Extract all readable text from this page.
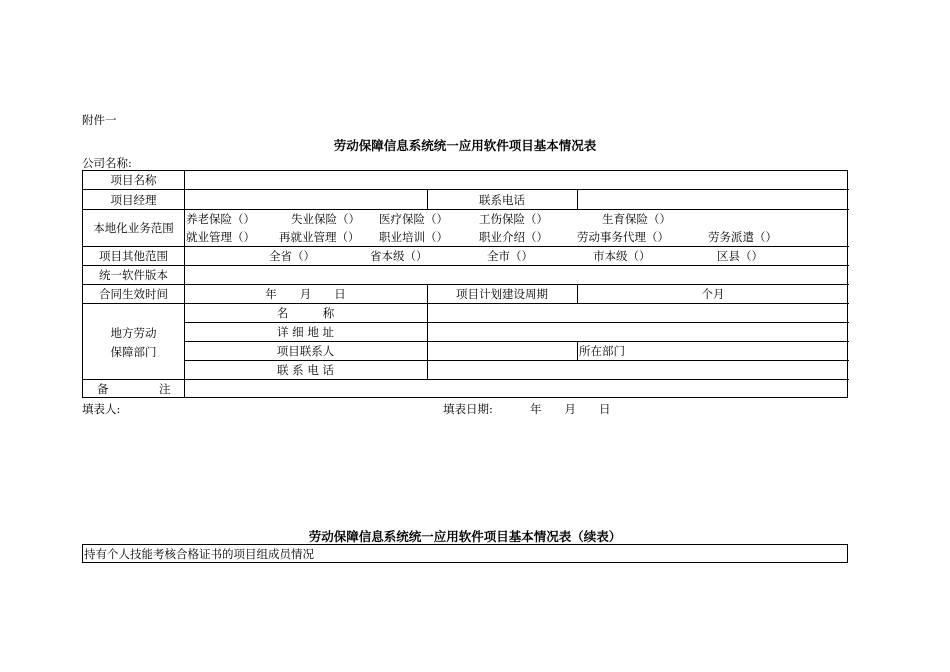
附件一
劳动保障信息系统统一应用软件项目基本情况表
公司名称:
项目名称
项目经理	联系电话
本地化业务范围
养老保险（）	失业保险（） 医疗保险（）	工伤保险（）	生育保险（）
就业管理（） 再就业管理（） 职业培训（）	职业介绍（）	劳动事务代理（）	劳务派遣（）
项目其他范围	全省（）	省本级（）	全市（）	市本级（）	区县（）
统一软件版本
合同生效时间	年　　月　　日	项目计划建设周期	个月
地方劳动
保障部门
名　　　称
详 细 地 址
项目联系人	所在部门
联 系 电 话
备	注
填表人:	填表日期:	年　　月　　日
劳动保障信息系统统一应用软件项目基本情况表（续表）
持有个人技能考核合格证书的项目组成员情况
